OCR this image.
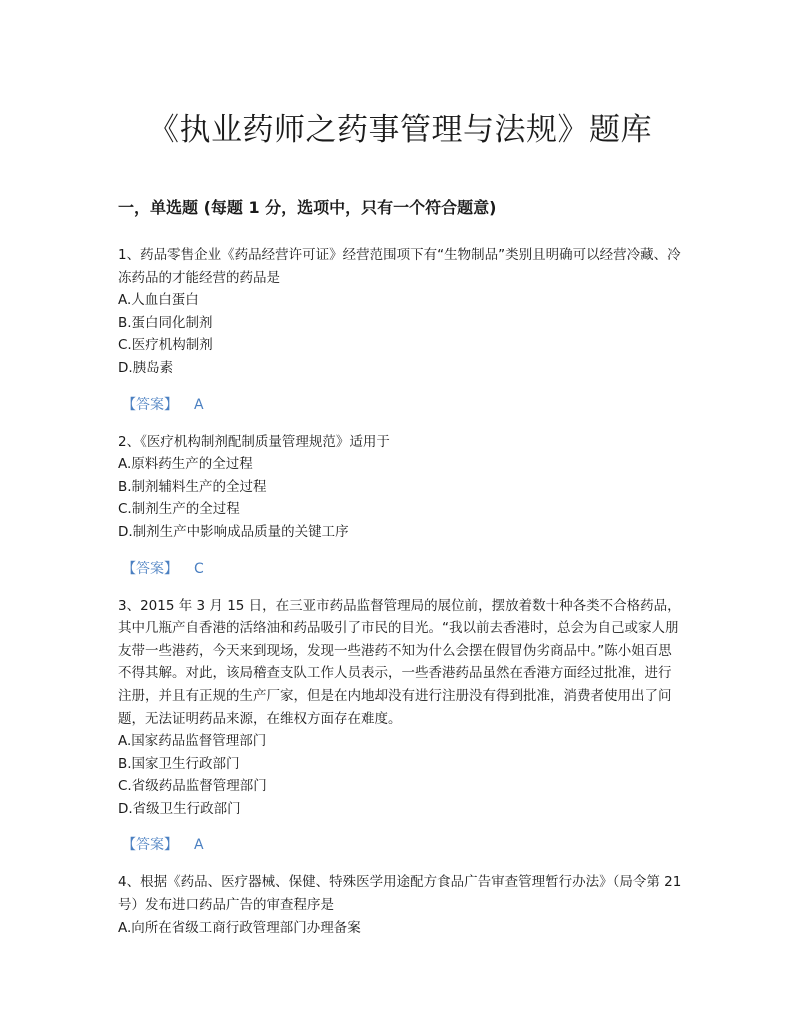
《执业药师之药事管理与法规》题库
一，单选题 (每题 1 分，选项中，只有一个符合题意)

1、药品零售企业《药品经营许可证》经营范围项下有“生物制品”类别且明确可以经营冷藏、冷冻药品的才能经营的药品是

A.人血白蛋白

B.蛋白同化制剂

C.医疗机构制剂

D.胰岛素

【答案】 A

2、《医疗机构制剂配制质量管理规范》适用于

A.原料药生产的全过程

B.制剂辅料生产的全过程

C.制剂生产的全过程

D.制剂生产中影响成品质量的关键工序

【答案】 C

3、2015 年 3 月 15 日，在三亚市药品监督管理局的展位前，摆放着数十种各类不合格药品，其中几瓶产自香港的活络油和药品吸引了市民的目光。“我以前去香港时，总会为自己或家人朋友带一些港药，今天来到现场，发现一些港药不知为什么会摆在假冒伪劣商品中。”陈小姐百思不得其解。对此，该局稽查支队工作人员表示，一些香港药品虽然在香港方面经过批准，进行注册，并且有正规的生产厂家，但是在内地却没有进行注册没有得到批准，消费者使用出了问题，无法证明药品来源，在维权方面存在难度。

A.国家药品监督管理部门

B.国家卫生行政部门

C.省级药品监督管理部门

D.省级卫生行政部门

【答案】 A

4、根据《药品、医疗器械、保健、特殊医学用途配方食品广告审查管理暂行办法》（局令第 21 号）发布进口药品广告的审查程序是

A.向所在省级工商行政管理部门办理备案
